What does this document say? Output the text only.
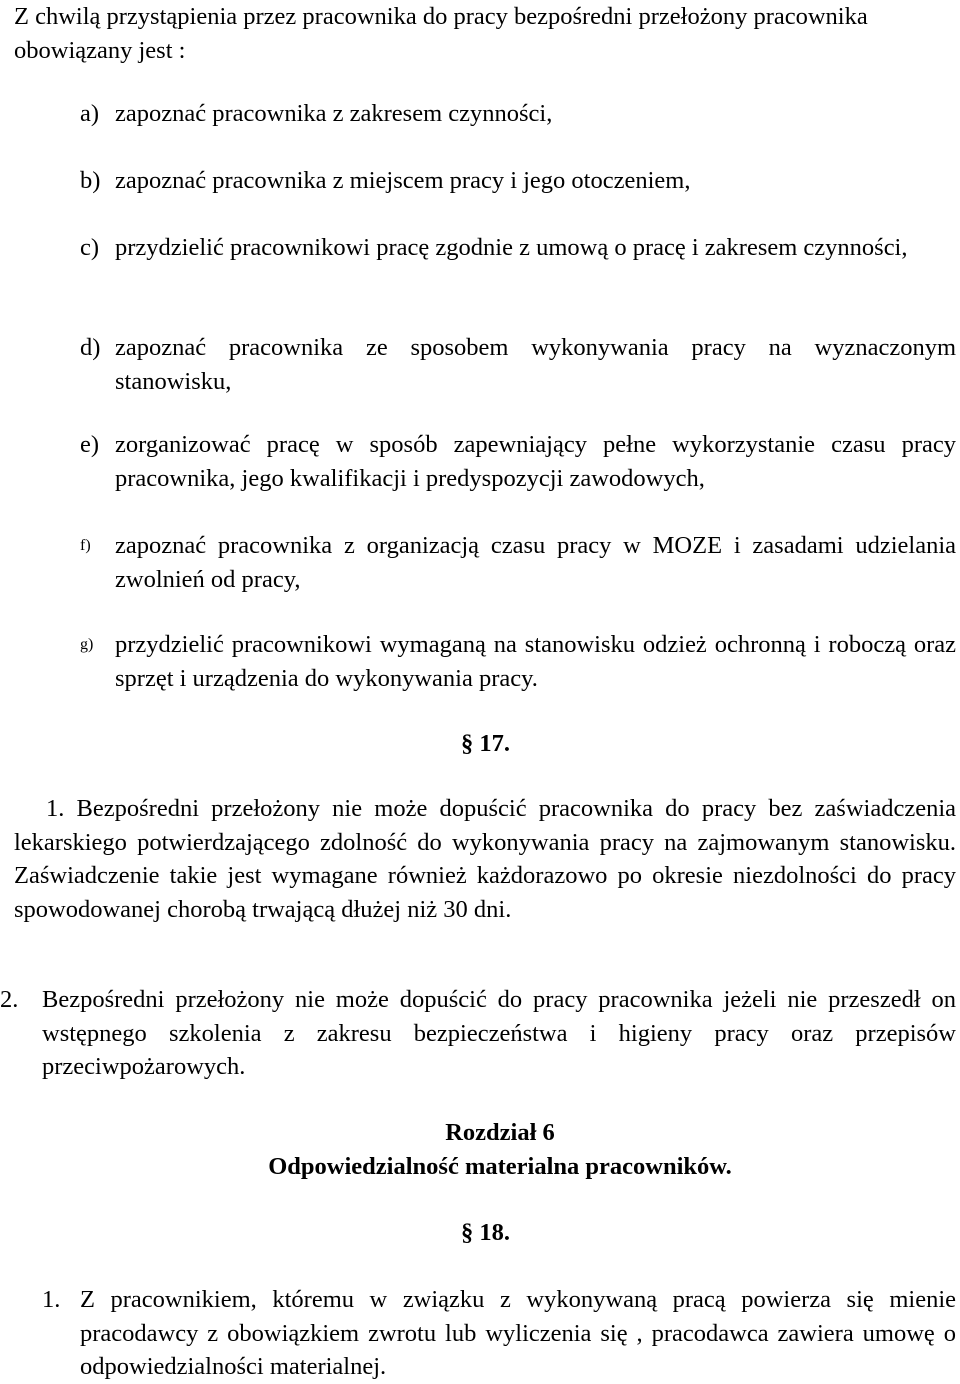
Z chwilą przystąpienia przez pracownika do pracy bezpośredni przełożony pracownika obowiązany jest :
a) zapoznać pracownika z zakresem czynności,
b) zapoznać pracownika z miejscem pracy i jego otoczeniem,
c) przydzielić pracownikowi pracę zgodnie z umową o pracę i zakresem czynności,
d) zapoznać pracownika ze sposobem wykonywania pracy na wyznaczonym stanowisku,
e) zorganizować pracę w sposób zapewniający pełne wykorzystanie czasu pracy pracownika, jego kwalifikacji i predyspozycji zawodowych,
f) zapoznać pracownika z organizacją czasu pracy w MOZE i zasadami udzielania zwolnień od pracy,
g) przydzielić pracownikowi wymaganą na stanowisku odzież ochronną i roboczą oraz sprzęt i urządzenia do wykonywania pracy.
§ 17.
1. Bezpośredni przełożony nie może dopuścić pracownika do pracy bez zaświadczenia lekarskiego potwierdzającego zdolność do wykonywania pracy na zajmowanym stanowisku. Zaświadczenie takie jest wymagane również każdorazowo po okresie niezdolności do pracy spowodowanej chorobą trwającą dłużej niż 30 dni.
2. Bezpośredni przełożony nie może dopuścić do pracy pracownika jeżeli nie przeszedł on wstępnego szkolenia z zakresu bezpieczeństwa i higieny pracy oraz przepisów przeciwpożarowych.
Rozdział 6
Odpowiedzialność materialna pracowników.
§ 18.
1. Z pracownikiem, któremu w związku z wykonywaną pracą powierza się mienie pracodawcy z obowiązkiem zwrotu lub wyliczenia się , pracodawca zawiera umowę o odpowiedzialności materialnej.
